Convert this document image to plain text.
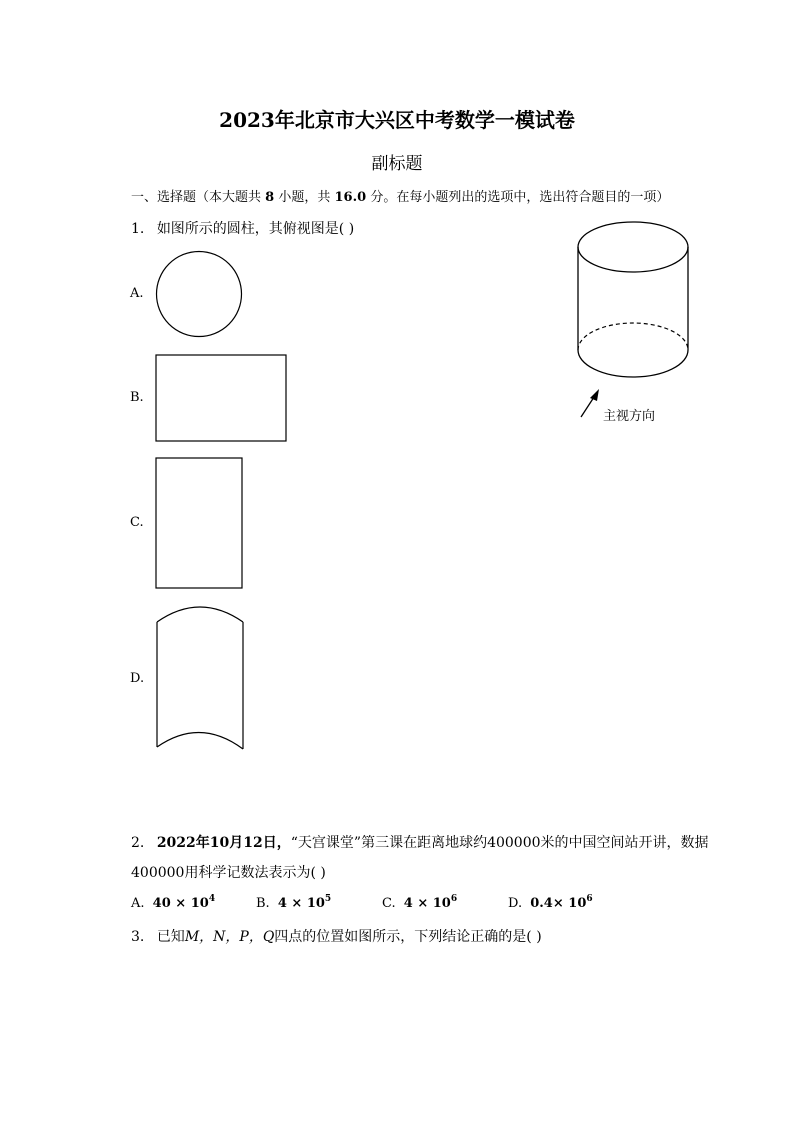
2023年北京市大兴区中考数学一模试卷
副标题
一、选择题（本大题共 8 小题，共 16.0 分。在每小题列出的选项中，选出符合题目的一项）
1. 如图所示的圆柱，其俯视图是( )
主视方向
A.
B.
C.
D.
2. 2022年10月12日，“天宫课堂”第三课在距离地球约400000米的中国空间站开讲，数据
400000用科学记数法表示为( )
A. $40 \times 10^4$	B. $4 \times 10^5$	C. $4 \times 10^6$	D. $0.4\times 10^6$
3. 已知M，N，P，Q四点的位置如图所示，下列结论正确的是( )
